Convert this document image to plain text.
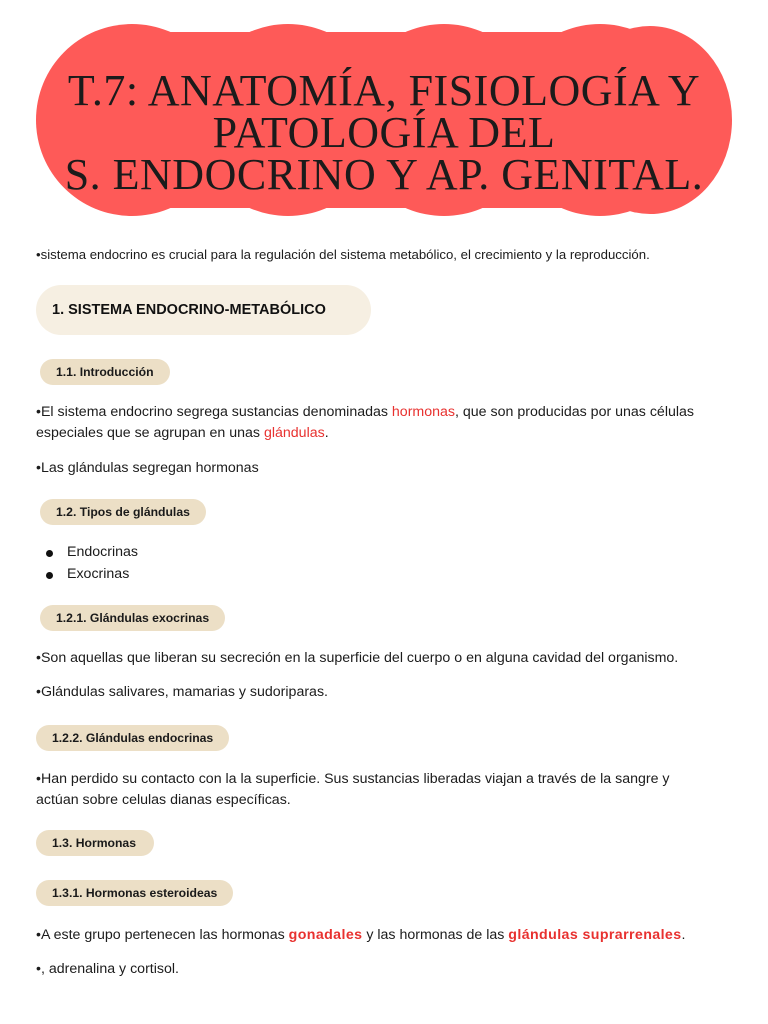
T.7: ANATOMÍA, FISIOLOGÍA Y
PATOLOGÍA DEL
S. ENDOCRINO Y AP. GENITAL.
•sistema endocrino es crucial para la regulación del sistema metabólico, el crecimiento y la reproducción.
1. SISTEMA ENDOCRINO-METABÓLICO
1.1. Introducción
•El sistema endocrino segrega sustancias denominadas hormonas, que son producidas por unas células especiales que se agrupan en unas glándulas.
•Las glándulas segregan hormonas
1.2. Tipos de glándulas
Endocrinas
Exocrinas
1.2.1. Glándulas exocrinas
•Son aquellas que liberan su secreción en la superficie del cuerpo o en alguna cavidad del organismo.
•Glándulas salivares, mamarias y sudoriparas.
1.2.2. Glándulas endocrinas
•Han perdido su contacto con la la superficie. Sus sustancias liberadas viajan a través de la sangre y actúan sobre celulas dianas específicas.
1.3. Hormonas
1.3.1. Hormonas esteroideas
•A este grupo pertenecen las hormonas gonadales y las hormonas de las glándulas suprarrenales.
•, adrenalina y cortisol.
